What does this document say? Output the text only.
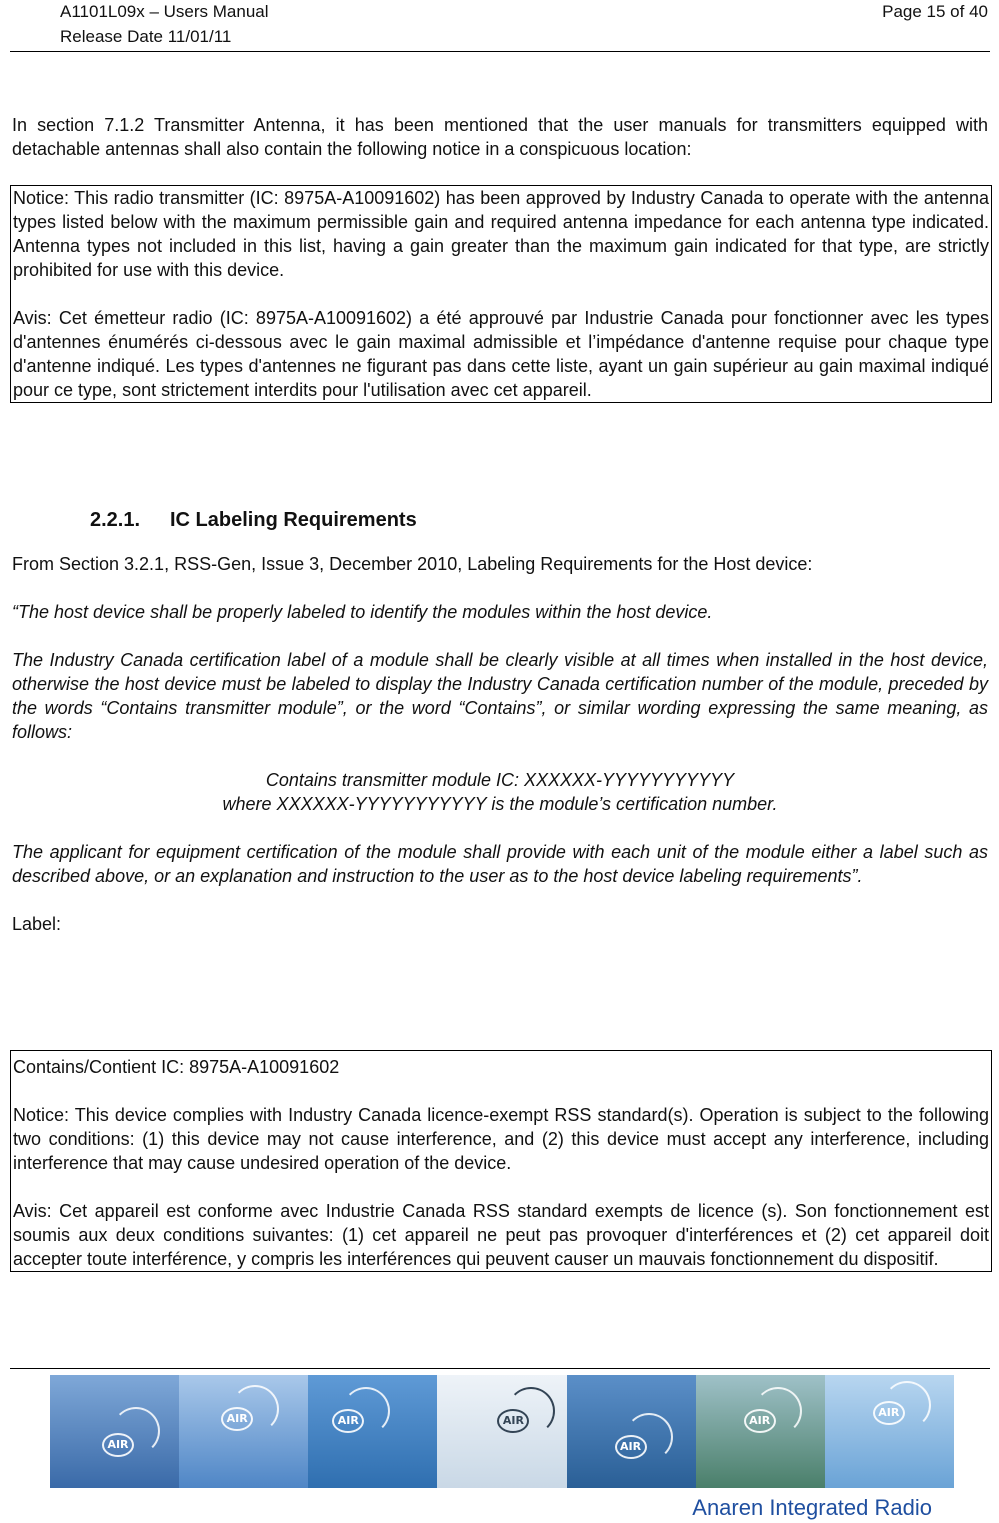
A1101L09x – Users Manual
Release Date 11/01/11
Page 15 of 40

In section 7.1.2 Transmitter Antenna, it has been mentioned that the user manuals for transmitters equipped with detachable antennas shall also contain the following notice in a conspicuous location:

Notice: This radio transmitter (IC: 8975A-A10091602) has been approved by Industry Canada to operate with the antenna types listed below with the maximum permissible gain and required antenna impedance for each antenna type indicated. Antenna types not included in this list, having a gain greater than the maximum gain indicated for that type, are strictly prohibited for use with this device.

Avis: Cet émetteur radio (IC: 8975A-A10091602) a été approuvé par Industrie Canada pour fonctionner avec les types d'antennes énumérés ci-dessous avec le gain maximal admissible et l’impédance d'antenne requise pour chaque type d'antenne indiqué. Les types d'antennes ne figurant pas dans cette liste, ayant un gain supérieur au gain maximal indiqué pour ce type, sont strictement interdits pour l'utilisation avec cet appareil.

2.2.1. IC Labeling Requirements

From Section 3.2.1, RSS-Gen, Issue 3, December 2010, Labeling Requirements for the Host device:

“The host device shall be properly labeled to identify the modules within the host device.

The Industry Canada certification label of a module shall be clearly visible at all times when installed in the host device, otherwise the host device must be labeled to display the Industry Canada certification number of the module, preceded by the words “Contains transmitter module”, or the word “Contains”, or similar wording expressing the same meaning, as follows:

Contains transmitter module IC: XXXXXX-YYYYYYYYYYY

where XXXXXX-YYYYYYYYYYY is the module’s certification number.

The applicant for equipment certification of the module shall provide with each unit of the module either a label such as described above, or an explanation and instruction to the user as to the host device labeling requirements”.

Label:

Contains/Contient IC: 8975A-A10091602

Notice: This device complies with Industry Canada licence-exempt RSS standard(s). Operation is subject to the following two conditions: (1) this device may not cause interference, and (2) this device must accept any interference, including interference that may cause undesired operation of the device.

Avis: Cet appareil est conforme avec Industrie Canada RSS standard exempts de licence (s). Son fonctionnement est soumis aux deux conditions suivantes: (1) cet appareil ne peut pas provoquer d'interférences et (2) cet appareil doit accepter toute interférence, y compris les interférences qui peuvent causer un mauvais fonctionnement du dispositif.

AIR
AIR	AIR	AIR
AIR
AIR
AIR
Anaren Integrated Radio
